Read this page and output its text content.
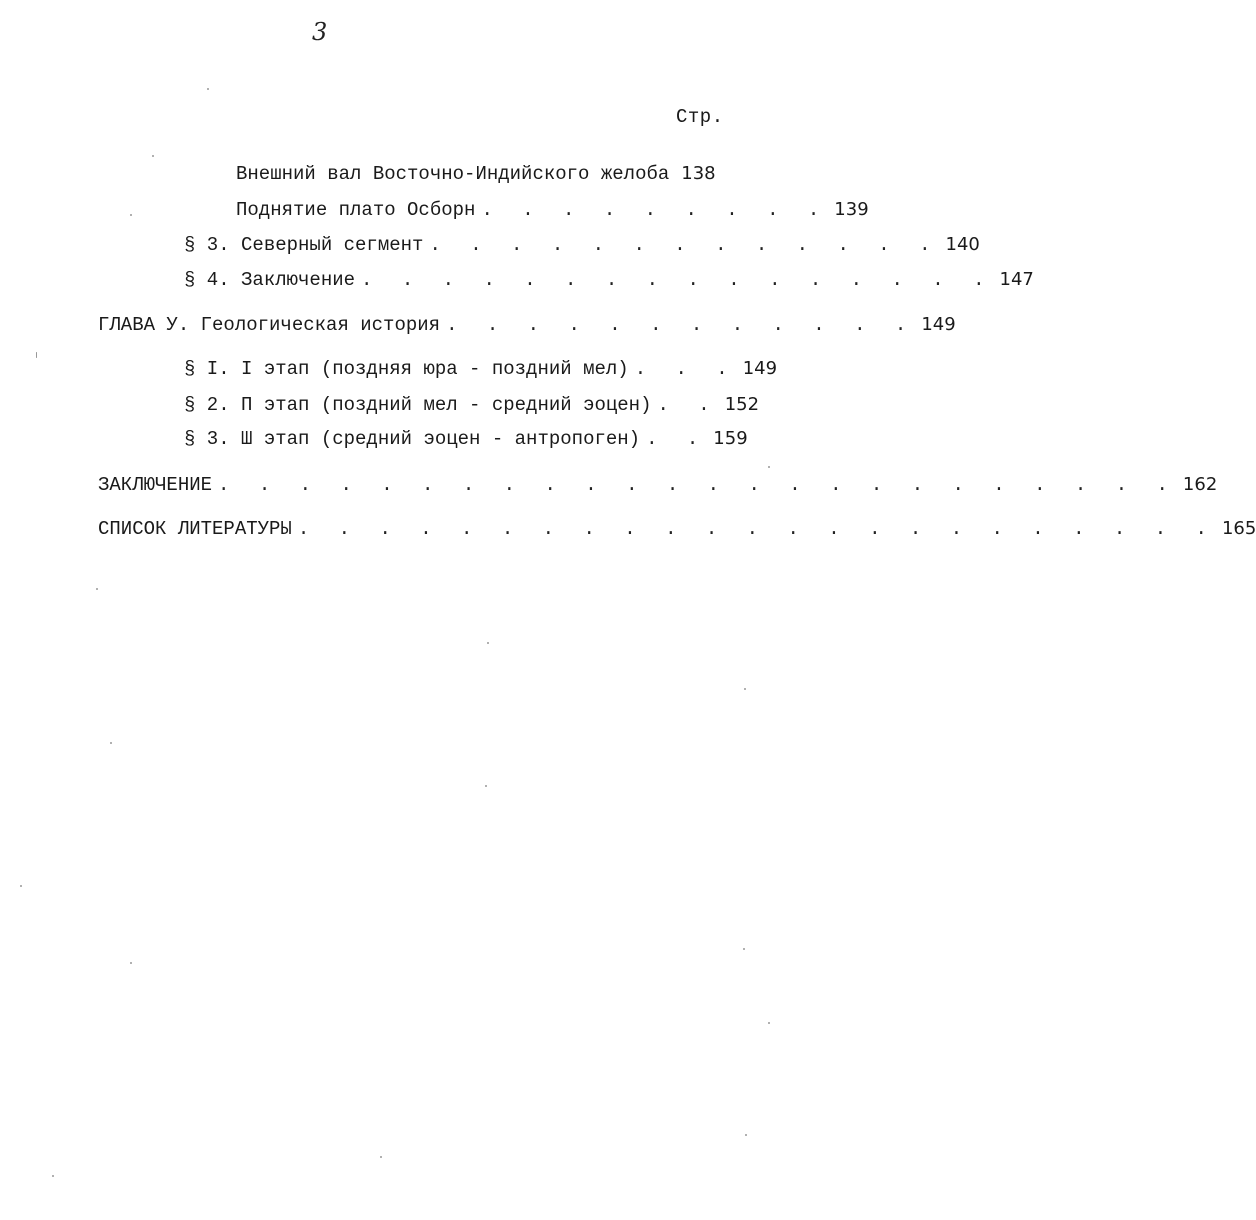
3
Стр.
Внешний вал Восточно-Индийского желоба 138
Поднятие плато Осборн . . . . . . . . . 139
§ 3. Северный сегмент . . . . . . . . . . . . . 140
§ 4. Заключение . . . . . . . . . . . . . . . . 147
ГЛАВА У. Геологическая история . . . . . . . . . . . . 149
§ I. I этап (поздняя юра - поздний мел) . . . 149
§ 2. П этап (поздний мел - средний эоцен) . . 152
§ 3. Ш этап (средний эоцен - антропоген) . . 159
ЗАКЛЮЧЕНИЕ . . . . . . . . . . . . . . . . . . . . . . . . 162
СПИСОК ЛИТЕРАТУРЫ . . . . . . . . . . . . . . . . . . . . . . . 165
